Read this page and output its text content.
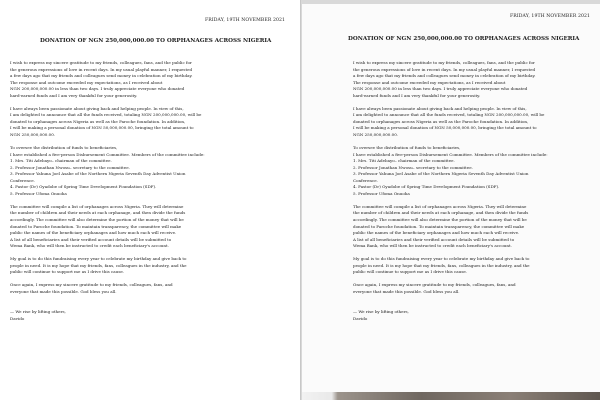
FRIDAY, 19TH NOVEMBER 2021
DONATION OF NGN 250,000,000.00 TO ORPHANAGES ACROSS NIGERIA
I wish to express my sincere gratitude to my friends, colleagues, fans, and the public for
the generous expressions of love in recent days. In my usual playful manner, I requested
a few days ago that my friends and colleagues send money in celebration of my birthday.
The response and outcome exceeded my expectations, as I received about
NGN 200,000,000.00 in less than two days. I truly appreciate everyone who donated
hard-earned funds and I am very thankful for your generosity.
I have always been passionate about giving back and helping people. In view of this,
I am delighted to announce that all the funds received, totaling NGN 200,000,000.00, will be
donated to orphanages across Nigeria as well as the Paroche foundation. In addition,
I will be making a personal donation of NGN 50,000,000.00, bringing the total amount to
NGN 250,000,000.00.
To oversee the distribution of funds to beneficiaries,
I have established a five-person Disbursement Committee. Members of the committee include:
1. Mrs. Titi Adebayo– chairman of the committee.
2. Professor Jonathan Nwosu– secretary to the committee.
3. Professor Yahuna Joel Asabe of the Northern Nigeria Seventh Day Adventist Union
Conference.
4. Pastor (Dr) Oyadobe of Spring Time Development Foundation (SDF).
5. Professor Ufoma Onuoha
The committee will compile a list of orphanages across Nigeria. They will determine
the number of children and their needs at each orphanage, and then divide the funds
accordingly. The committee will also determine the portion of the money that will be
donated to Paroche foundation. To maintain transparency, the committee will make
public the names of the beneficiary orphanages and how much each will receive.
A list of all beneficiaries and their verified account details will be submitted to
Wema Bank, who will then be instructed to credit each beneficiary's account.
My goal is to do this fundraising every year to celebrate my birthday and give back to
people in need. It is my hope that my friends, fans, colleagues in the industry, and the
public will continue to support me as I drive this cause.
Once again, I express my sincere gratitude to my friends, colleagues, fans, and
everyone that made this possible. God bless you all.
— We rise by lifting others,
Davido
FRIDAY, 19TH NOVEMBER 2021
DONATION OF NGN 250,000,000.00 TO ORPHANAGES ACROSS NIGERIA
I wish to express my sincere gratitude to my friends, colleagues, fans, and the public for
the generous expressions of love in recent days. In my usual playful manner, I requested
a few days ago that my friends and colleagues send money in celebration of my birthday.
The response and outcome exceeded my expectations, as I received about
NGN 200,000,000.00 in less than two days. I truly appreciate everyone who donated
hard-earned funds and I am very thankful for your generosity.
I have always been passionate about giving back and helping people. In view of this,
I am delighted to announce that all the funds received, totaling NGN 200,000,000.00, will be
donated to orphanages across Nigeria as well as the Paroche foundation. In addition,
I will be making a personal donation of NGN 50,000,000.00, bringing the total amount to
NGN 250,000,000.00.
To oversee the distribution of funds to beneficiaries,
I have established a five-person Disbursement Committee. Members of the committee include:
1. Mrs. Titi Adebayo– chairman of the committee.
2. Professor Jonathan Nwosu– secretary to the committee.
3. Professor Yahuna Joel Asabe of the Northern Nigeria Seventh Day Adventist Union
Conference.
4. Pastor (Dr) Oyadobe of Spring Time Development Foundation (SDF).
5. Professor Ufoma Onuoha
The committee will compile a list of orphanages across Nigeria. They will determine
the number of children and their needs at each orphanage, and then divide the funds
accordingly. The committee will also determine the portion of the money that will be
donated to Paroche foundation. To maintain transparency, the committee will make
public the names of the beneficiary orphanages and how much each will receive.
A list of all beneficiaries and their verified account details will be submitted to
Wema Bank, who will then be instructed to credit each beneficiary's account.
My goal is to do this fundraising every year to celebrate my birthday and give back to
people in need. It is my hope that my friends, fans, colleagues in the industry, and the
public will continue to support me as I drive this cause.
Once again, I express my sincere gratitude to my friends, colleagues, fans, and
everyone that made this possible. God bless you all.
— We rise by lifting others,
Davido
